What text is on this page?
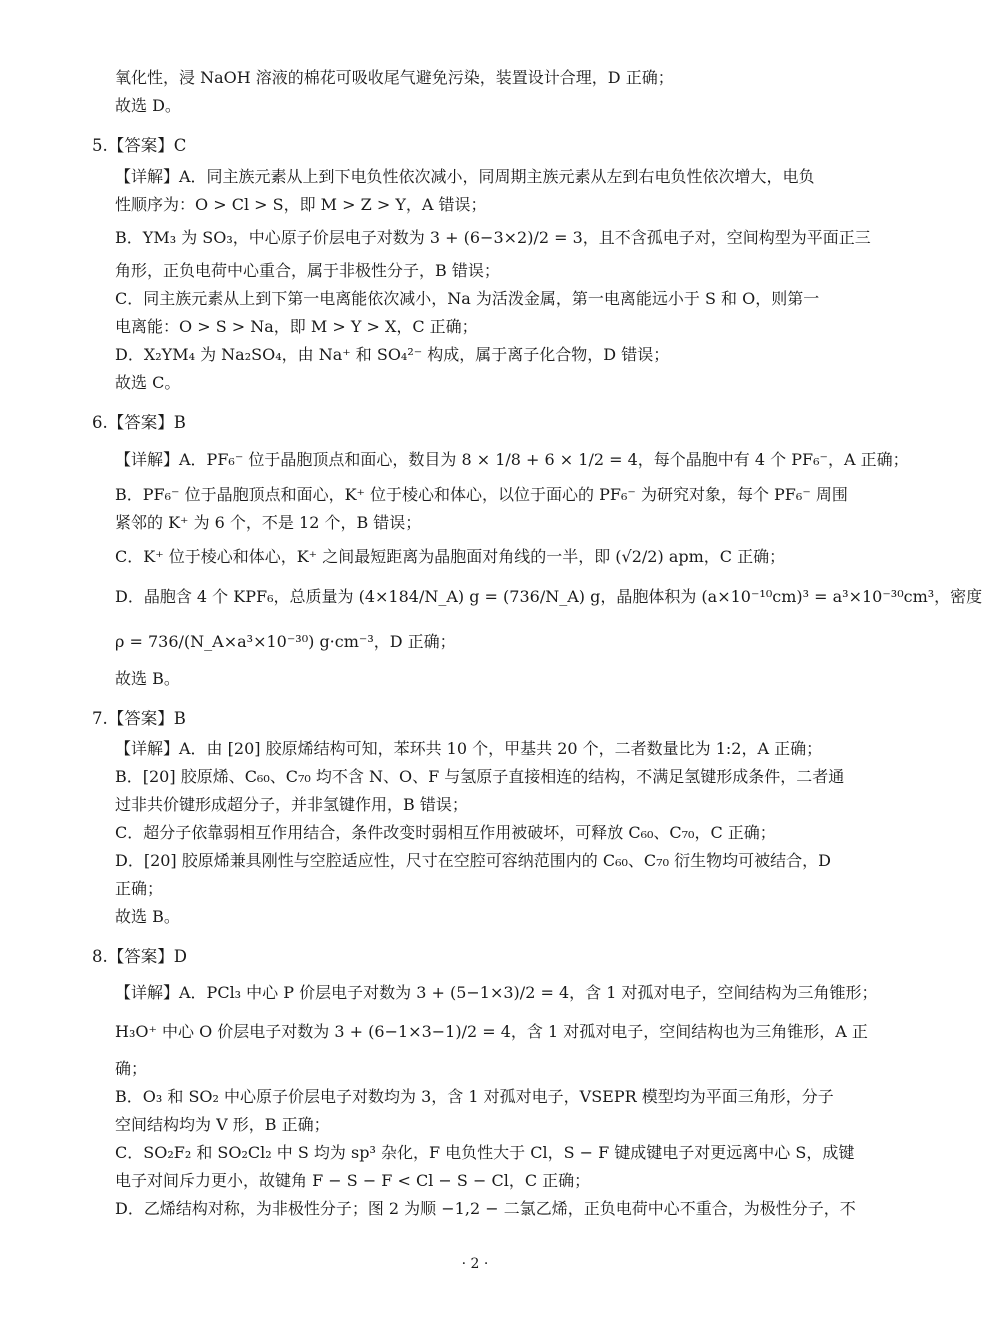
氧化性，浸 NaOH 溶液的棉花可吸收尾气避免污染，装置设计合理，D 正确；
故选 D。
5.【答案】C
【详解】A．同主族元素从上到下电负性依次减小，同周期主族元素从左到右电负性依次增大，电负
性顺序为：O > Cl > S，即 M > Z > Y，A 错误；
B．YM₃ 为 SO₃，中心原子价层电子对数为 3 + (6−3×2)/2 = 3，且不含孤电子对，空间构型为平面正三
角形，正负电荷中心重合，属于非极性分子，B 错误；
C．同主族元素从上到下第一电离能依次减小，Na 为活泼金属，第一电离能远小于 S 和 O，则第一
电离能：O > S > Na，即 M > Y > X，C 正确；
D．X₂YM₄ 为 Na₂SO₄，由 Na⁺ 和 SO₄²⁻ 构成，属于离子化合物，D 错误；
故选 C。
6.【答案】B
【详解】A．PF₆⁻ 位于晶胞顶点和面心，数目为 8 × 1/8 + 6 × 1/2 = 4，每个晶胞中有 4 个 PF₆⁻，A 正确；
B．PF₆⁻ 位于晶胞顶点和面心，K⁺ 位于棱心和体心，以位于面心的 PF₆⁻ 为研究对象，每个 PF₆⁻ 周围
紧邻的 K⁺ 为 6 个，不是 12 个，B 错误；
C．K⁺ 位于棱心和体心，K⁺ 之间最短距离为晶胞面对角线的一半，即 (√2/2) apm，C 正确；
D．晶胞含 4 个 KPF₆，总质量为 (4×184/N_A) g = (736/N_A) g，晶胞体积为 (a×10⁻¹⁰cm)³ = a³×10⁻³⁰cm³，密度
ρ = 736/(N_A×a³×10⁻³⁰) g·cm⁻³，D 正确；
故选 B。
7.【答案】B
【详解】A．由 [20] 胶原烯结构可知，苯环共 10 个，甲基共 20 个，二者数量比为 1:2，A 正确；
B．[20] 胶原烯、C₆₀、C₇₀ 均不含 N、O、F 与氢原子直接相连的结构，不满足氢键形成条件，二者通
过非共价键形成超分子，并非氢键作用，B 错误；
C．超分子依靠弱相互作用结合，条件改变时弱相互作用被破坏，可释放 C₆₀、C₇₀，C 正确；
D．[20] 胶原烯兼具刚性与空腔适应性，尺寸在空腔可容纳范围内的 C₆₀、C₇₀ 衍生物均可被结合，D
正确；
故选 B。
8.【答案】D
【详解】A．PCl₃ 中心 P 价层电子对数为 3 + (5−1×3)/2 = 4，含 1 对孤对电子，空间结构为三角锥形；
H₃O⁺ 中心 O 价层电子对数为 3 + (6−1×3−1)/2 = 4，含 1 对孤对电子，空间结构也为三角锥形，A 正
确；
B．O₃ 和 SO₂ 中心原子价层电子对数均为 3，含 1 对孤对电子，VSEPR 模型均为平面三角形，分子
空间结构均为 V 形，B 正确；
C．SO₂F₂ 和 SO₂Cl₂ 中 S 均为 sp³ 杂化，F 电负性大于 Cl，S − F 键成键电子对更远离中心 S，成键
电子对间斥力更小，故键角 F − S − F < Cl − S − Cl，C 正确；
D．乙烯结构对称，为非极性分子；图 2 为顺 −1,2 − 二氯乙烯，正负电荷中心不重合，为极性分子，不
· 2 ·
